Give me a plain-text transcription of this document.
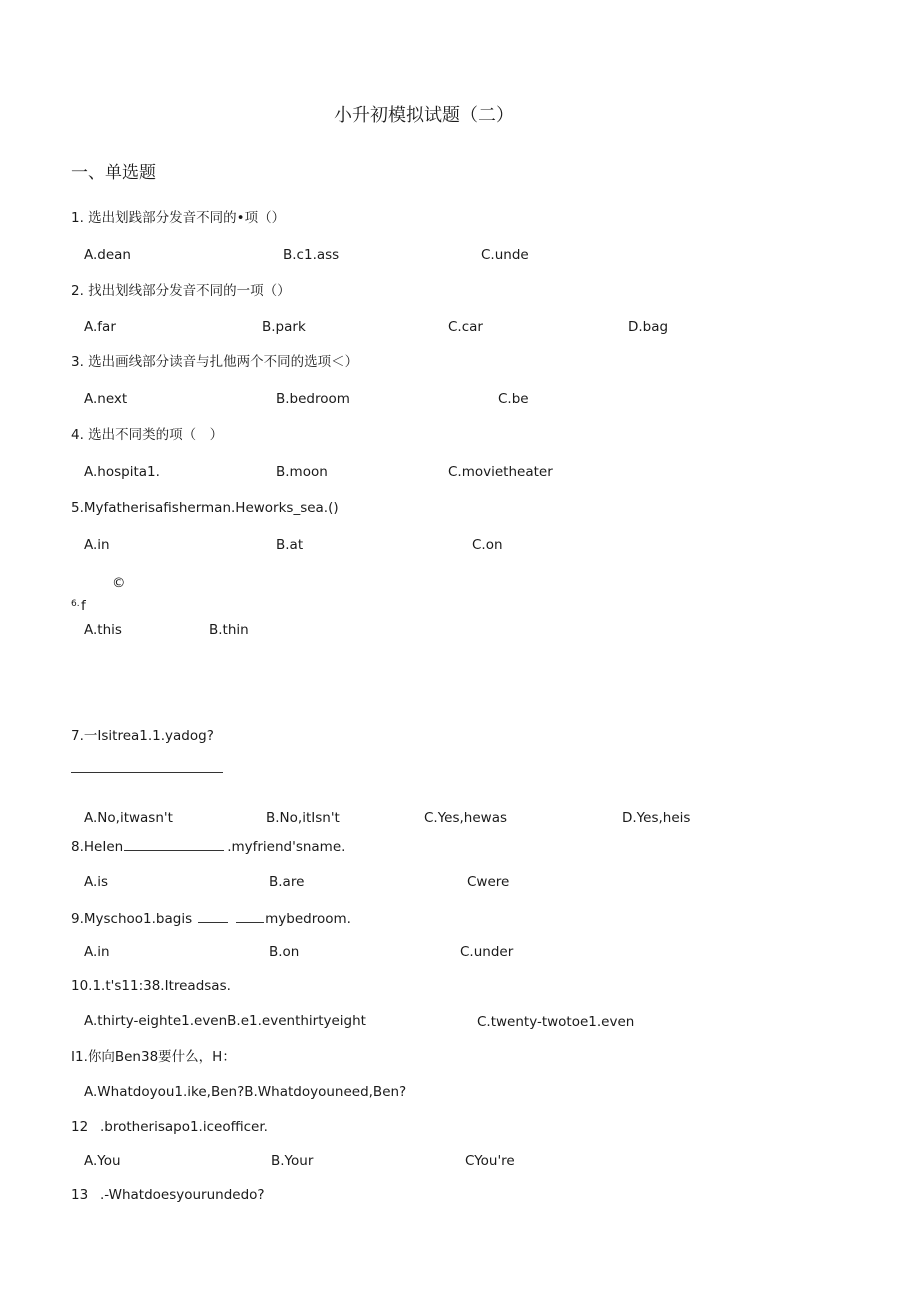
小升初模拟试题（二）
一、单选题
1. 选出划践部分发音不同的•项（）
A.dean	B.c1.ass	C.unde
2. 找出划线部分发音不同的一项（）
A.far	B.park	C.car	D.bag
3. 选出画线部分读音与扎他两个不同的选项＜）
A.next	B.bedroom	C.be
4. 选出不同类的项（　）
A.hospita1.	B.moon	C.movietheater
5.Myfatherisafisherman.Heworks_sea.()
A.in	B.at	C.on
©
6. f
A.this	B.thin
7.一Isitrea1.1.yadog?
A.No,itwasn't	B.No,itIsn't	C.Yes,hewas	D.Yes,heis
8.HeIen	.myfriend'sname.
A.is	B.are	Cwere
9.Myschoo1.bagis	mybedroom.
A.in	B.on	C.under
10.1.t's11:38.Itreadsas.
A.thirty-eighte1.evenB.e1.eventhirtyeight	C.twenty-twotoe1.even
I1.你向Ben38要什么，H：
A.Whatdoyou1.ike,Ben?B.Whatdoyouneed,Ben?
12 .brotherisapo1.iceofficer.
A.You	B.Your	CYou're
13 .-Whatdoesyourundedo?
